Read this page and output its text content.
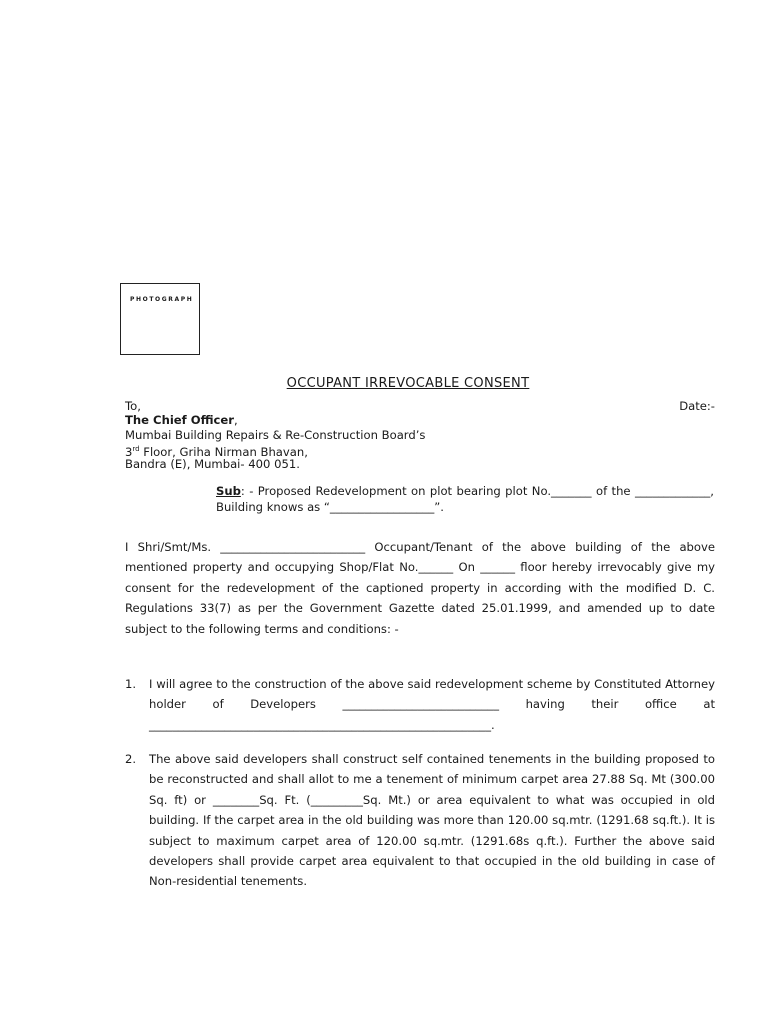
PHOTOGRAPH
OCCUPANT IRREVOCABLE CONSENT
To,	Date:-
The Chief Officer,
Mumbai Building Repairs & Re-Construction Board’s
3rd Floor, Griha Nirman Bhavan,
Bandra (E), Mumbai- 400 051.
Sub: - Proposed Redevelopment on plot bearing plot No._______ of the _____________, Building knows as “__________________”.
I Shri/Smt/Ms. _________________________ Occupant/Tenant of the above building of the above mentioned property and occupying Shop/Flat No.______ On ______ floor hereby irrevocably give my consent for the redevelopment of the captioned property in according with the modified D. C. Regulations 33(7) as per the Government Gazette dated 25.01.1999, and amended up to date subject to the following terms and conditions: -
1. I will agree to the construction of the above said redevelopment scheme by Constituted Attorney holder of Developers ___________________________ having their office at ___________________________________________________________.
2. The above said developers shall construct self contained tenements in the building proposed to be reconstructed and shall allot to me a tenement of minimum carpet area 27.88 Sq. Mt (300.00 Sq. ft) or ________Sq. Ft. (_________Sq. Mt.) or area equivalent to what was occupied in old building. If the carpet area in the old building was more than 120.00 sq.mtr. (1291.68 sq.ft.). It is subject to maximum carpet area of 120.00 sq.mtr. (1291.68s q.ft.). Further the above said developers shall provide carpet area equivalent to that occupied in the old building in case of Non-residential tenements.
